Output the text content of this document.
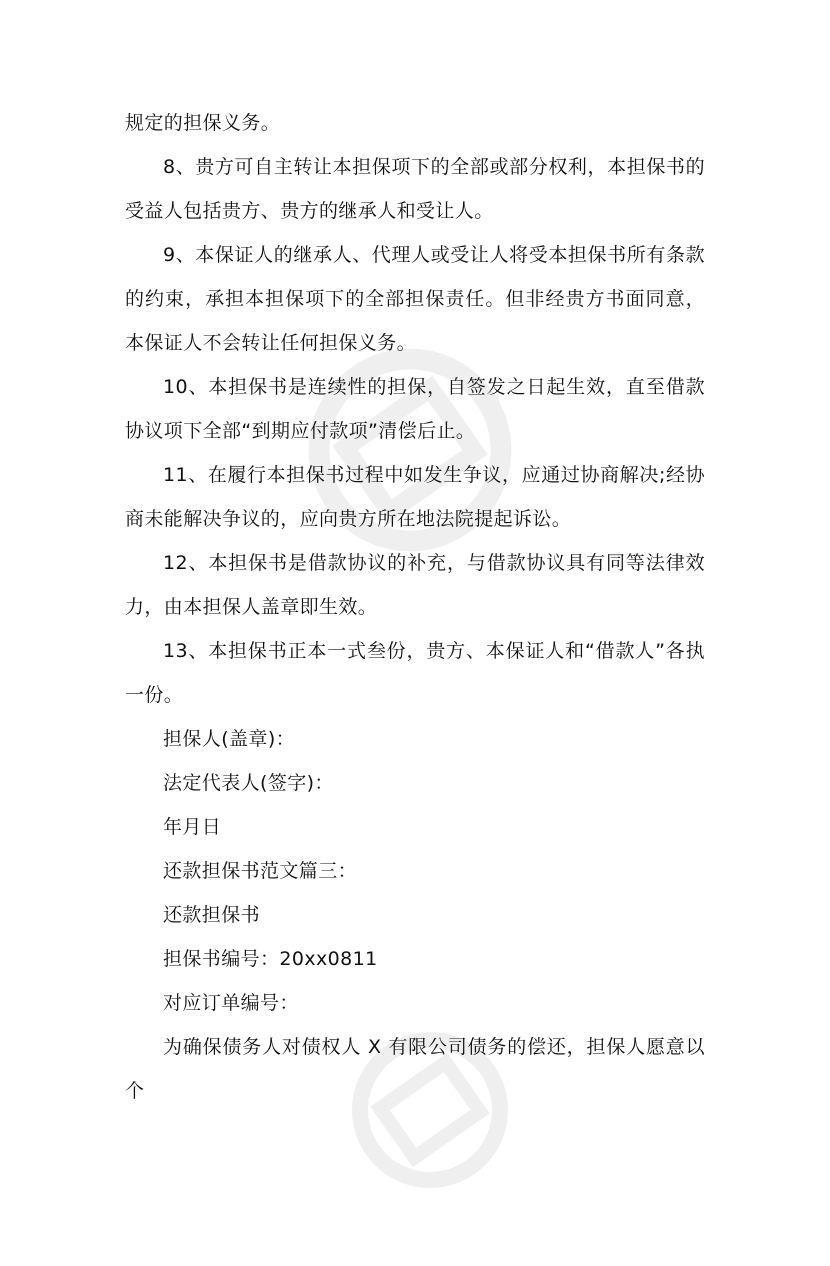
规定的担保义务。

8、贵方可自主转让本担保项下的全部或部分权利，本担保书的受益人包括贵方、贵方的继承人和受让人。

9、本保证人的继承人、代理人或受让人将受本担保书所有条款的约束，承担本担保项下的全部担保责任。但非经贵方书面同意，本保证人不会转让任何担保义务。

10、本担保书是连续性的担保，自签发之日起生效，直至借款协议项下全部“到期应付款项”清偿后止。

11、在履行本担保书过程中如发生争议，应通过协商解决;经协商未能解决争议的，应向贵方所在地法院提起诉讼。

12、本担保书是借款协议的补充，与借款协议具有同等法律效力，由本担保人盖章即生效。

13、本担保书正本一式叁份，贵方、本保证人和“借款人”各执一份。

担保人(盖章)：

法定代表人(签字)：

年月日

还款担保书范文篇三：

还款担保书

担保书编号：20xx0811

对应订单编号：

为确保债务人对债权人 X 有限公司债务的偿还，担保人愿意以个
